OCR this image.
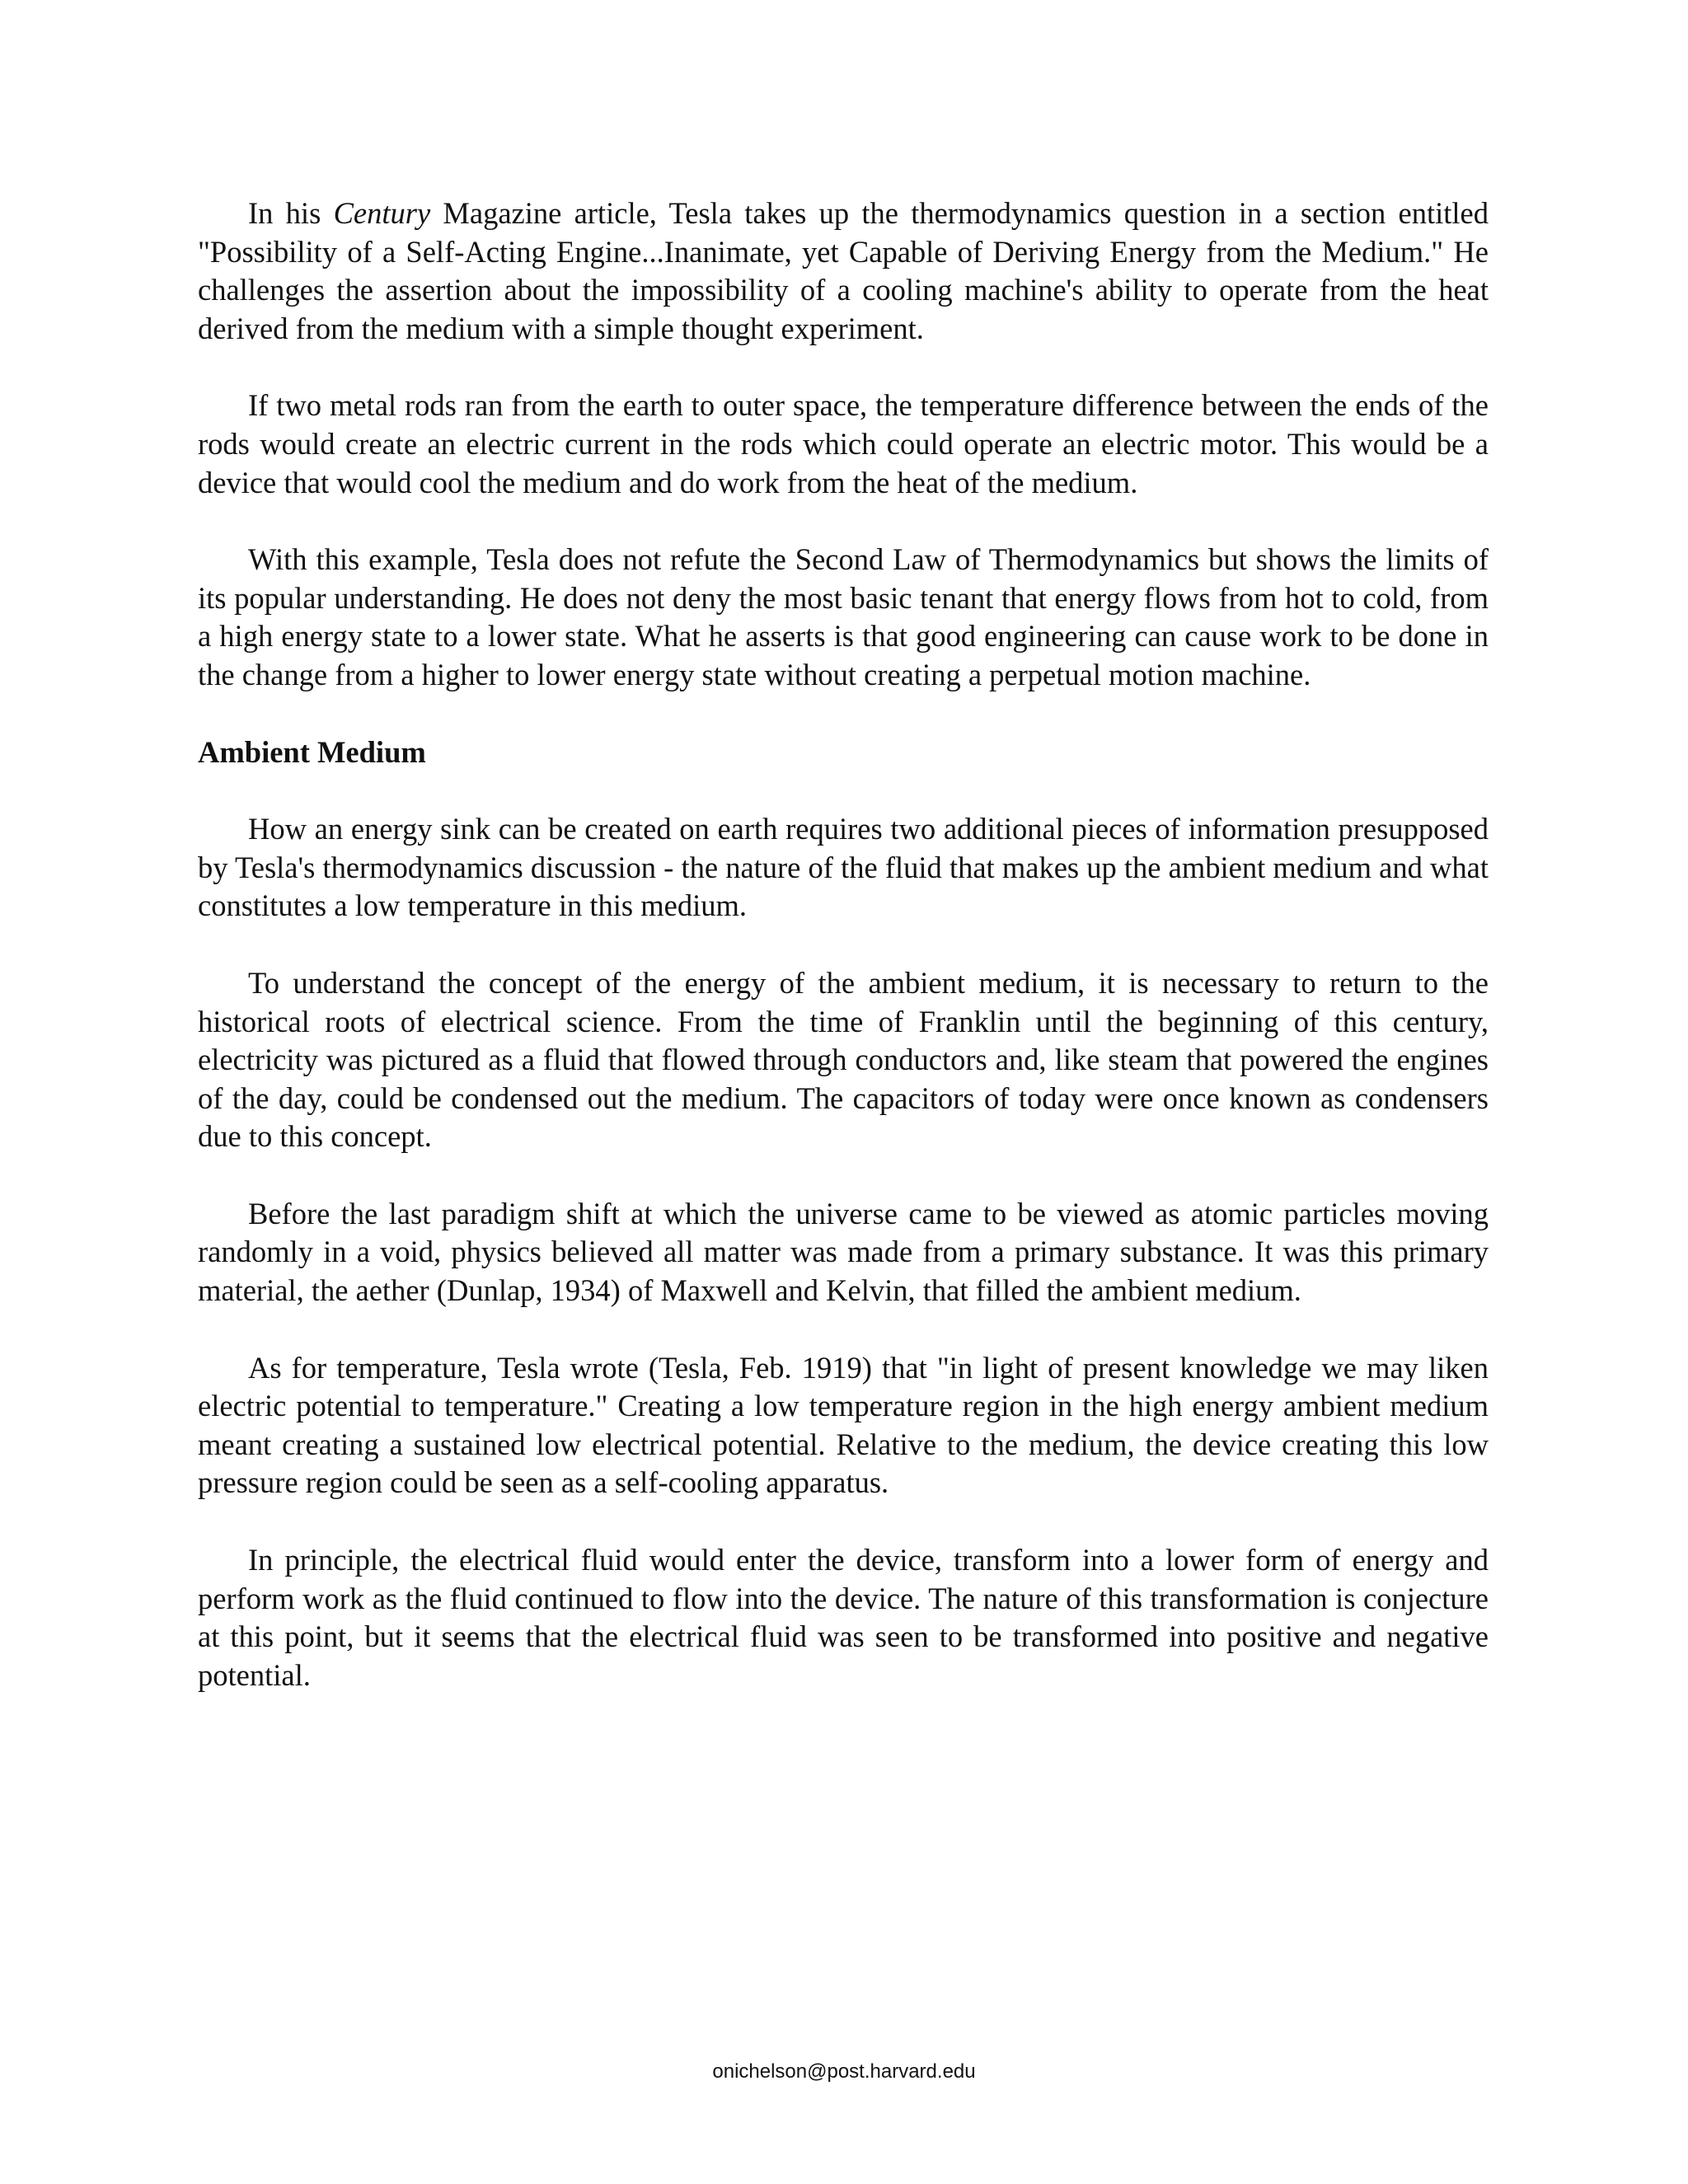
In his Century Magazine article, Tesla takes up the thermodynamics question in a section entitled "Possibility of a Self-Acting Engine...Inanimate, yet Capable of Deriving Energy from the Medium." He challenges the assertion about the impossibility of a cooling machine's ability to operate from the heat derived from the medium with a simple thought experiment.

If two metal rods ran from the earth to outer space, the temperature difference between the ends of the rods would create an electric current in the rods which could operate an electric motor. This would be a device that would cool the medium and do work from the heat of the medium.

With this example, Tesla does not refute the Second Law of Thermodynamics but shows the limits of its popular understanding. He does not deny the most basic tenant that energy flows from hot to cold, from a high energy state to a lower state. What he asserts is that good engineering can cause work to be done in the change from a higher to lower energy state without creating a perpetual motion machine.

Ambient Medium

How an energy sink can be created on earth requires two additional pieces of information presupposed by Tesla's thermodynamics discussion - the nature of the fluid that makes up the ambient medium and what constitutes a low temperature in this medium.

To understand the concept of the energy of the ambient medium, it is necessary to return to the historical roots of electrical science. From the time of Franklin until the beginning of this century, electricity was pictured as a fluid that flowed through conductors and, like steam that powered the engines of the day, could be condensed out the medium. The capacitors of today were once known as condensers due to this concept.

Before the last paradigm shift at which the universe came to be viewed as atomic particles moving randomly in a void, physics believed all matter was made from a primary substance. It was this primary material, the aether (Dunlap, 1934) of Maxwell and Kelvin, that filled the ambient medium.

As for temperature, Tesla wrote (Tesla, Feb. 1919) that "in light of present knowledge we may liken electric potential to temperature." Creating a low temperature region in the high energy ambient medium meant creating a sustained low electrical potential. Relative to the medium, the device creating this low pressure region could be seen as a self-cooling apparatus.

In principle, the electrical fluid would enter the device, transform into a lower form of energy and perform work as the fluid continued to flow into the device. The nature of this transformation is conjecture at this point, but it seems that the electrical fluid was seen to be transformed into positive and negative potential.

onichelson@post.harvard.edu
